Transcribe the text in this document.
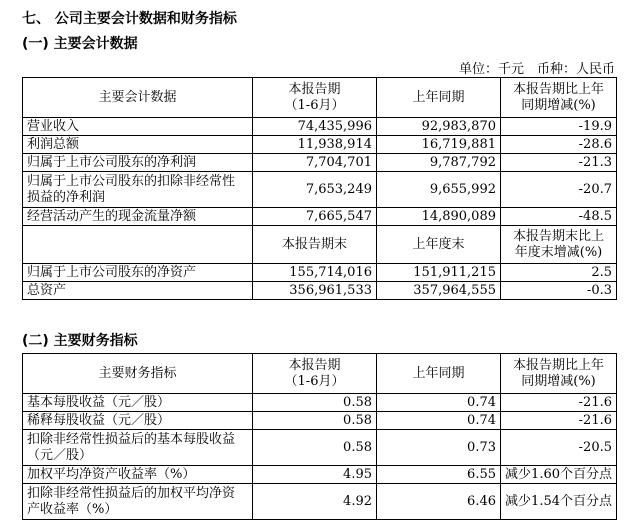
七、 公司主要会计数据和财务指标
(一) 主要会计数据
单位：千元　币种：人民币
主要会计数据	本报告期
（1-6月）	上年同期	本报告期比上年
同期增减(%)
营业收入	74,435,996	92,983,870	-19.9
利润总额	11,938,914	16,719,881	-28.6
归属于上市公司股东的净利润	7,704,701	9,787,792	-21.3
归属于上市公司股东的扣除非经常性
损益的净利润	7,653,249	9,655,992	-20.7
经营活动产生的现金流量净额	7,665,547	14,890,089	-48.5
	本报告期末	上年度末	本报告期末比上
年度末增减(%)
归属于上市公司股东的净资产	155,714,016	151,911,215	2.5
总资产	356,961,533	357,964,555	-0.3
(二) 主要财务指标
主要财务指标	本报告期
（1-6月）	上年同期	本报告期比上年
同期增减(%)
基本每股收益（元／股）	0.58	0.74	-21.6
稀释每股收益（元／股）	0.58	0.74	-21.6
扣除非经常性损益后的基本每股收益
（元／股）	0.58	0.73	-20.5
加权平均净资产收益率（%）	4.95	6.55	减少1.60个百分点
扣除非经常性损益后的加权平均净资
产收益率（%）	4.92	6.46	减少1.54个百分点
